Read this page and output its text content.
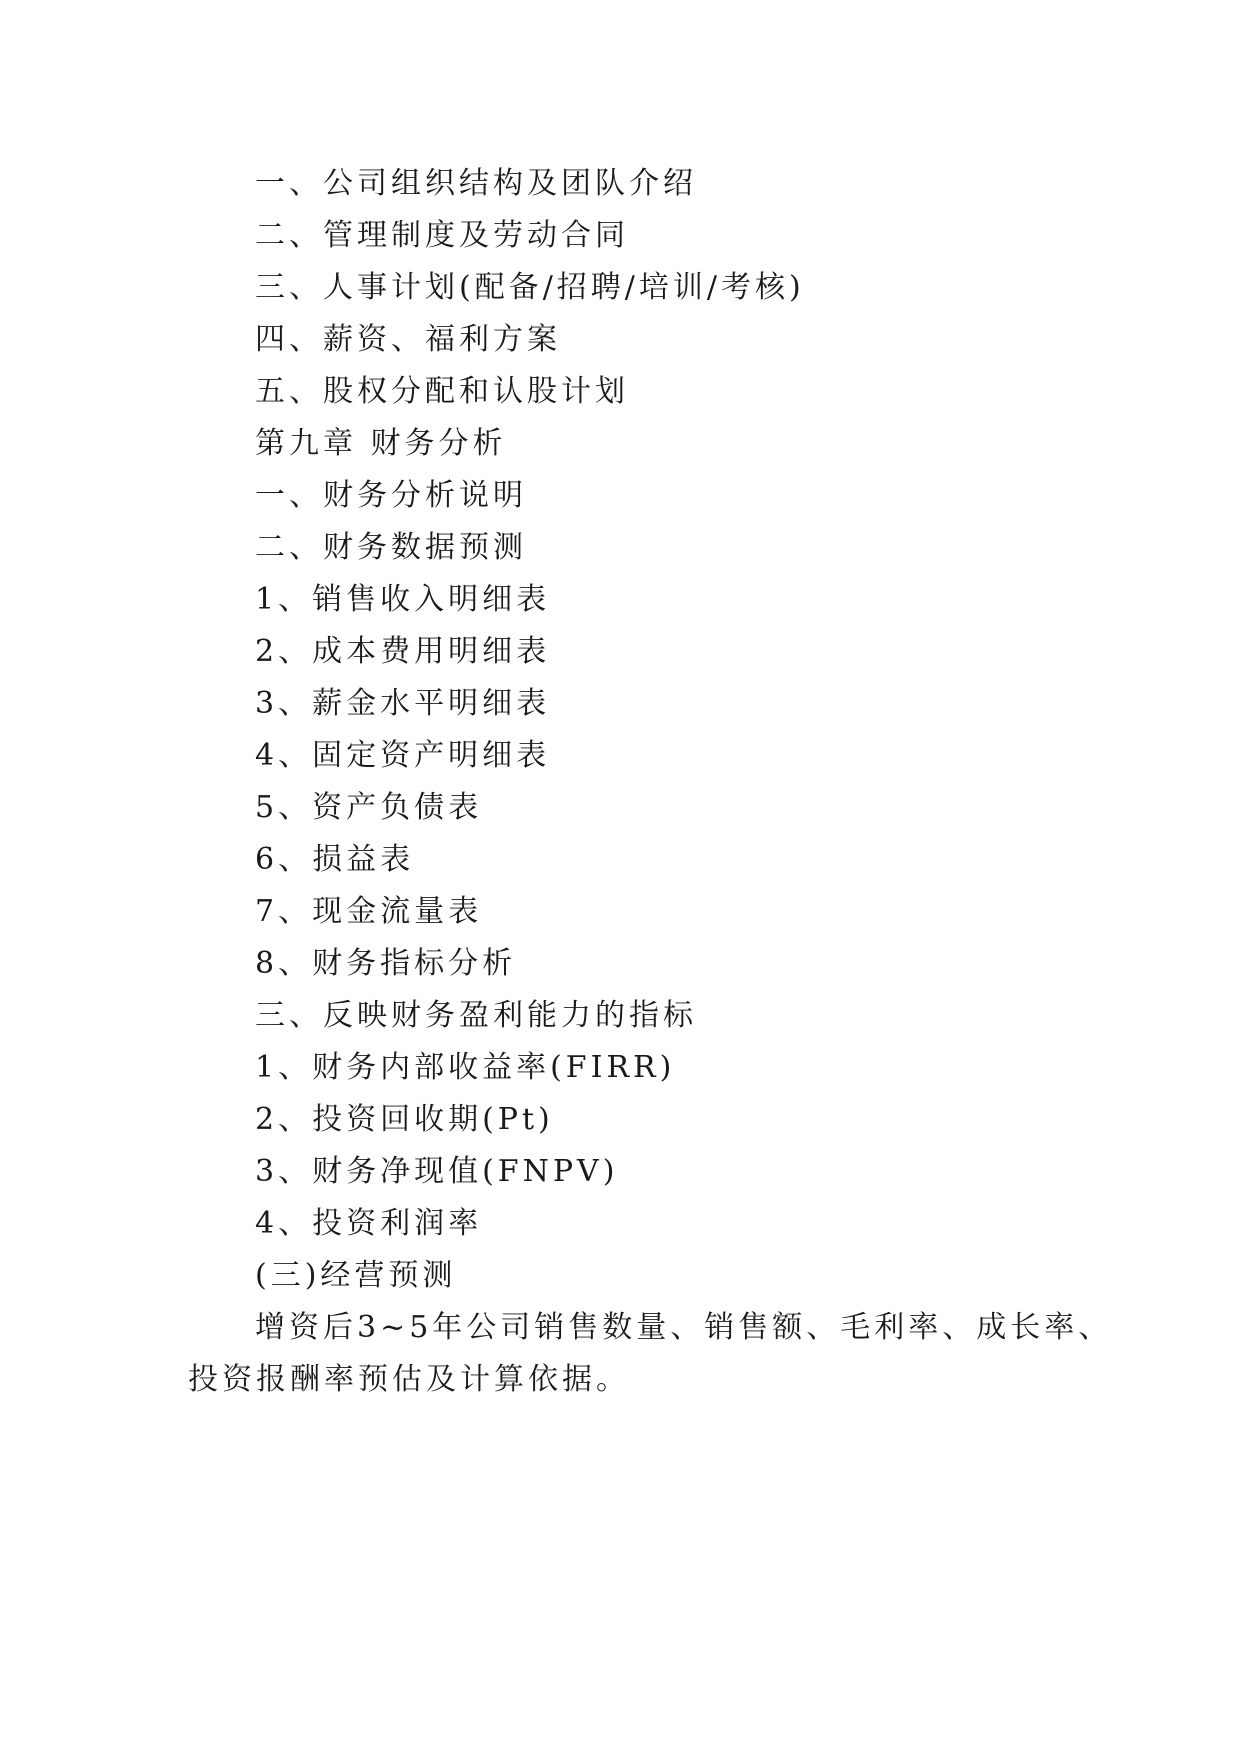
一、公司组织结构及团队介绍
二、管理制度及劳动合同
三、人事计划(配备/招聘/培训/考核)
四、薪资、福利方案
五、股权分配和认股计划
第九章 财务分析
一、财务分析说明
二、财务数据预测
1、销售收入明细表
2、成本费用明细表
3、薪金水平明细表
4、固定资产明细表
5、资产负债表
6、损益表
7、现金流量表
8、财务指标分析
三、反映财务盈利能力的指标
1、财务内部收益率(FIRR)
2、投资回收期(Pt)
3、财务净现值(FNPV)
4、投资利润率
(三)经营预测
增资后3~5年公司销售数量、销售额、毛利率、成长率、
投资报酬率预估及计算依据。
